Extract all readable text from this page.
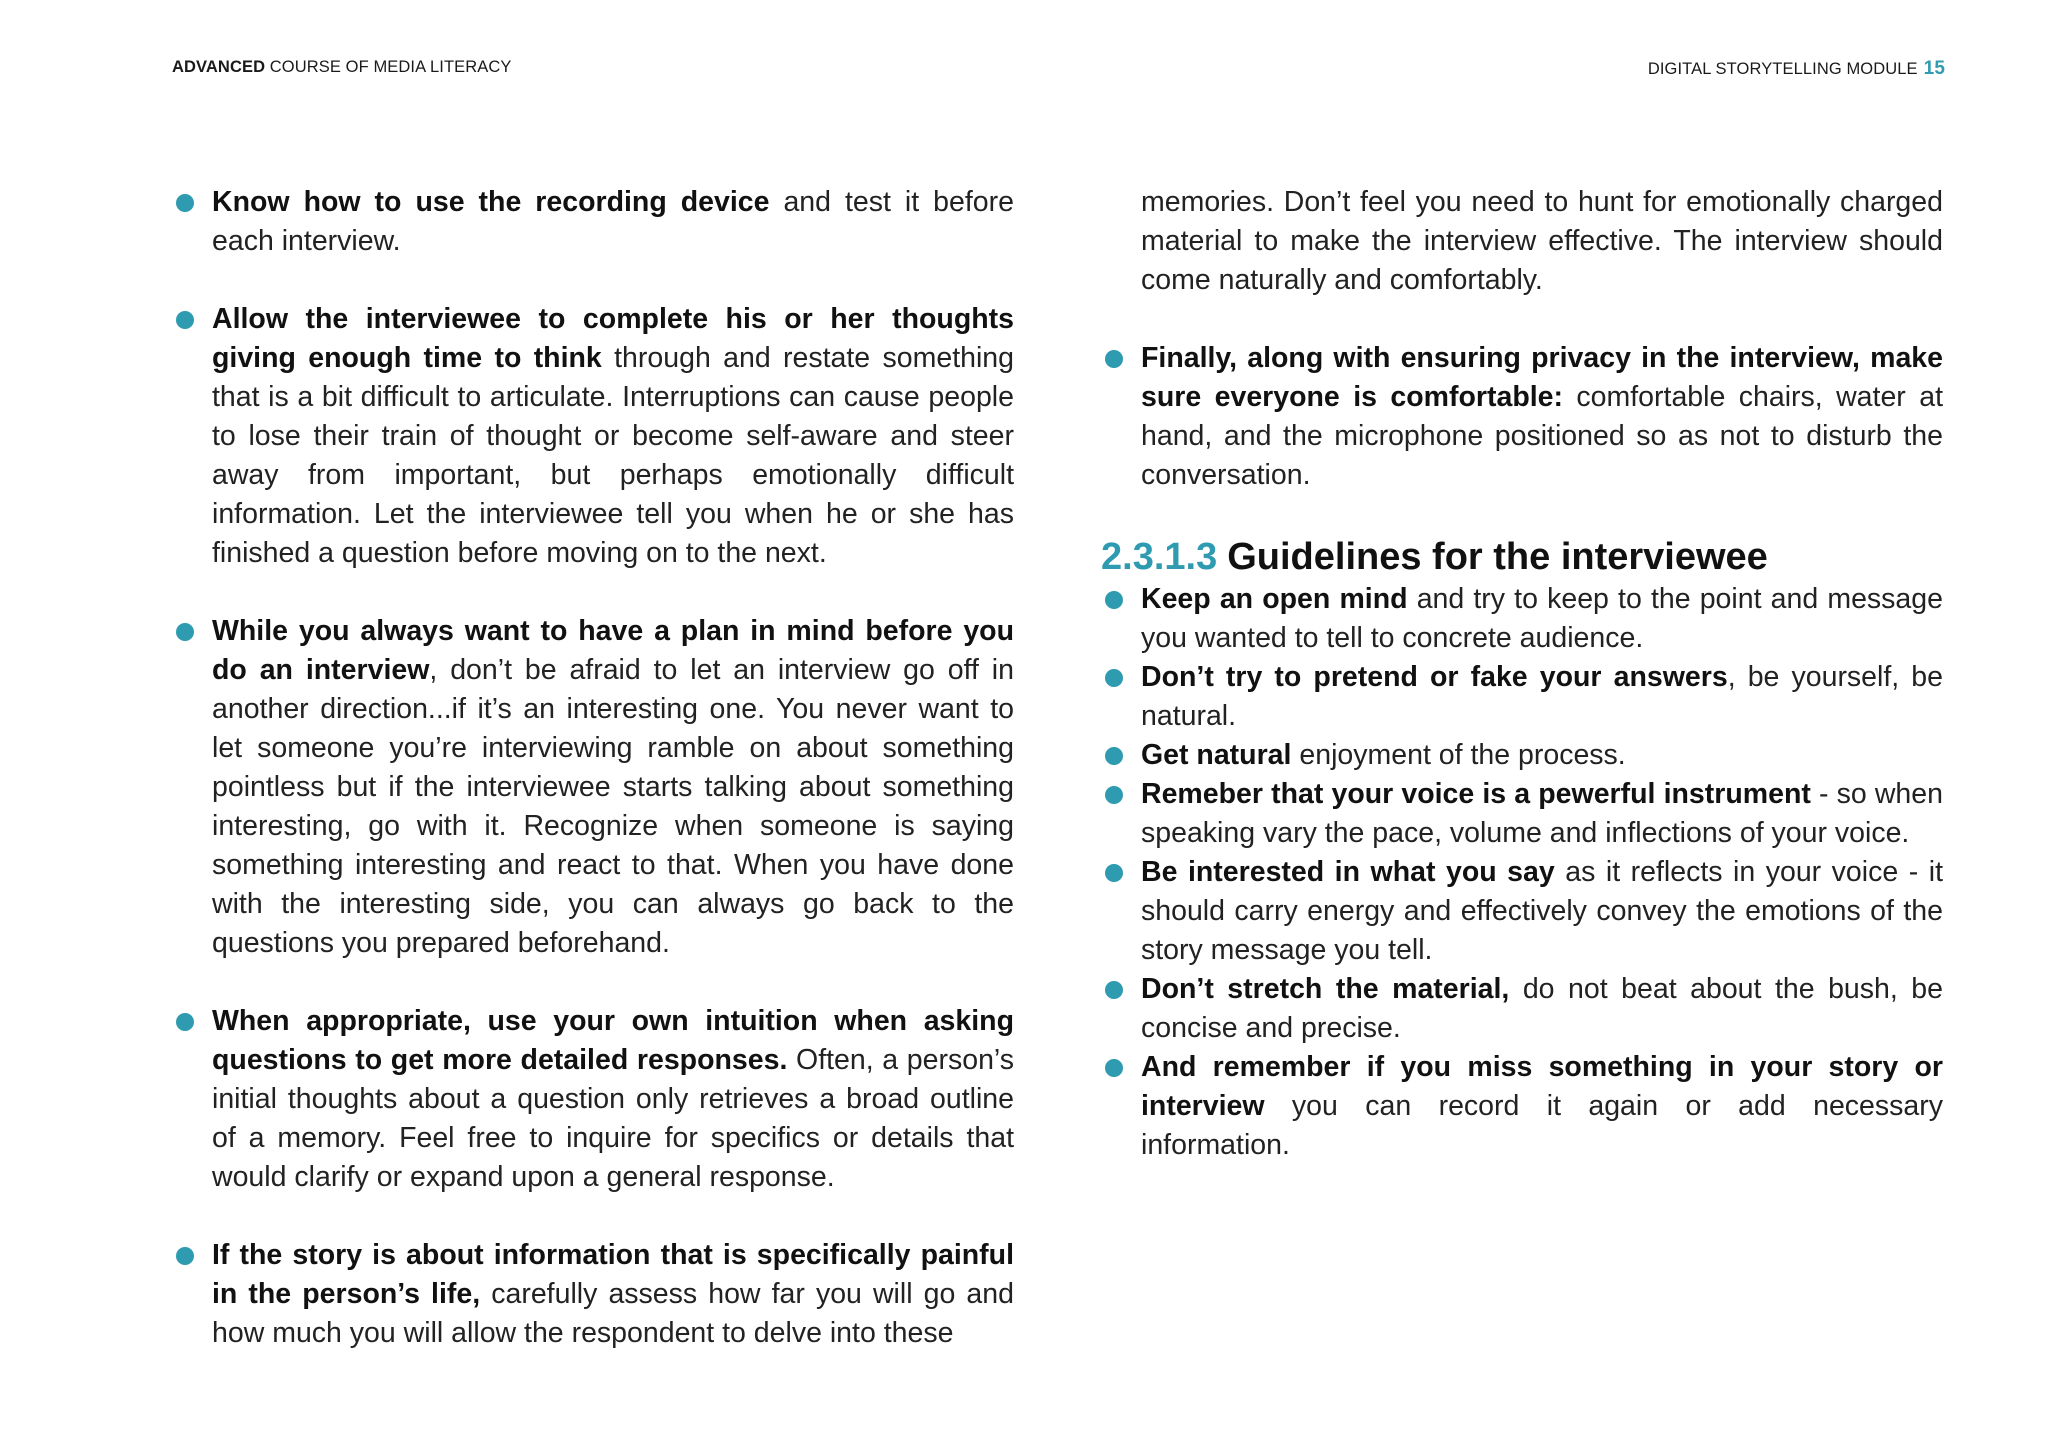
ADVANCED COURSE OF MEDIA LITERACY	DIGITAL STORYTELLING MODULE 15
Know how to use the recording device and test it before each interview.
Allow the interviewee to complete his or her thoughts giving enough time to think through and restate something that is a bit difficult to articulate. Interruptions can cause people to lose their train of thought or become self-aware and steer away from important, but perhaps emotionally difficult information. Let the interviewee tell you when he or she has finished a question before moving on to the next.
While you always want to have a plan in mind before you do an interview, don’t be afraid to let an interview go off in another direction...if it’s an interesting one. You never want to let someone you’re interviewing ramble on about something pointless but if the interviewee starts talking about something interesting, go with it. Recognize when someone is saying something interesting and react to that. When you have done with the interesting side, you can always go back to the questions you prepared beforehand.
When appropriate, use your own intuition when asking questions to get more detailed responses. Often, a person’s initial thoughts about a question only retrieves a broad outline of a memory. Feel free to inquire for specifics or details that would clarify or expand upon a general response.
If the story is about information that is specifically painful in the person’s life, carefully assess how far you will go and how much you will allow the respondent to delve into these
memories. Don’t feel you need to hunt for emotionally charged material to make the interview effective. The interview should come naturally and comfortably.
Finally, along with ensuring privacy in the interview, make sure everyone is comfortable: comfortable chairs, water at hand, and the microphone positioned so as not to disturb the conversation.
2.3.1.3 Guidelines for the interviewee
Keep an open mind and try to keep to the point and message you wanted to tell to concrete audience.
Don’t try to pretend or fake your answers, be yourself, be natural.
Get natural enjoyment of the process.
Remeber that your voice is a pewerful instrument - so when speaking vary the pace, volume and inflections of your voice.
Be interested in what you say as it reflects in your voice - it should carry energy and effectively convey the emotions of the story message you tell.
Don’t stretch the material, do not beat about the bush, be concise and precise.
And remember if you miss something in your story or interview you can record it again or add necessary information.
